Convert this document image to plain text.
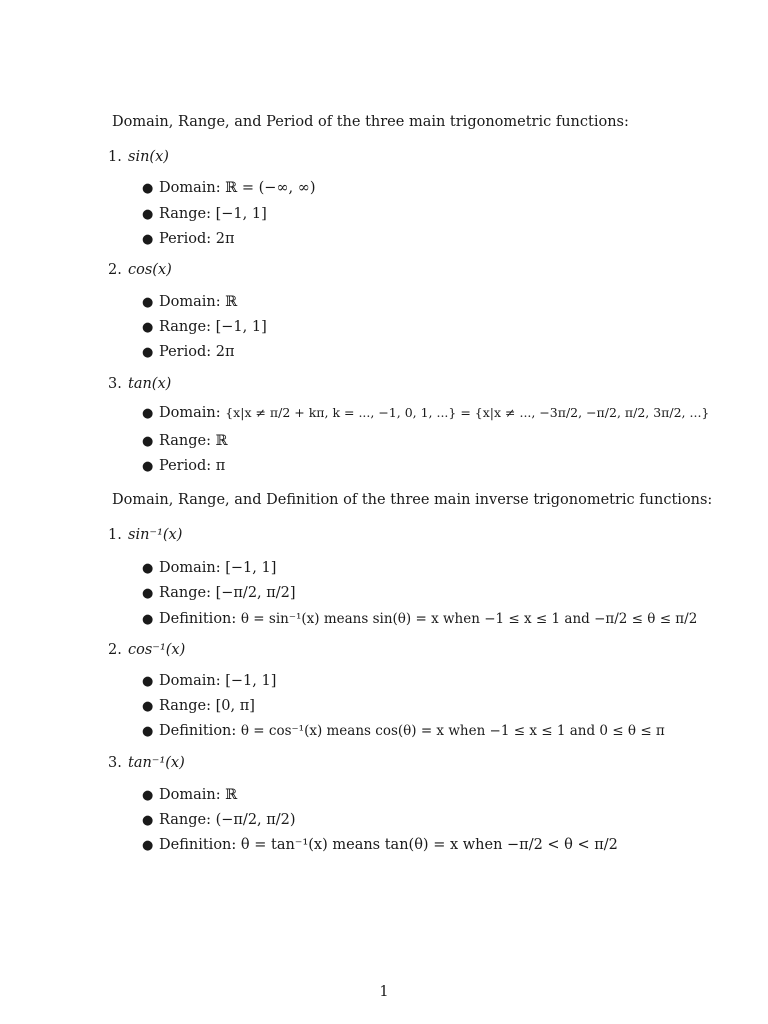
Domain, Range, and Period of the three main trigonometric functions:
1. sin(x)
● Domain: ℝ = (−∞, ∞)
● Range: [−1, 1]
● Period: 2π
2. cos(x)
● Domain: ℝ
● Range: [−1, 1]
● Period: 2π
3. tan(x)
● Domain: {x|x ≠ π/2 + kπ, k = ..., −1, 0, 1, ...} = {x|x ≠ ..., −3π/2, −π/2, π/2, 3π/2, ...}
● Range: ℝ
● Period: π
Domain, Range, and Definition of the three main inverse trigonometric functions:
1. sin⁻¹(x)
● Domain: [−1, 1]
● Range: [−π/2, π/2]
● Definition: θ = sin⁻¹(x) means sin(θ) = x when −1 ≤ x ≤ 1 and −π/2 ≤ θ ≤ π/2
2. cos⁻¹(x)
● Domain: [−1, 1]
● Range: [0, π]
● Definition: θ = cos⁻¹(x) means cos(θ) = x when −1 ≤ x ≤ 1 and 0 ≤ θ ≤ π
3. tan⁻¹(x)
● Domain: ℝ
● Range: (−π/2, π/2)
● Definition: θ = tan⁻¹(x) means tan(θ) = x when −π/2 < θ < π/2
1
